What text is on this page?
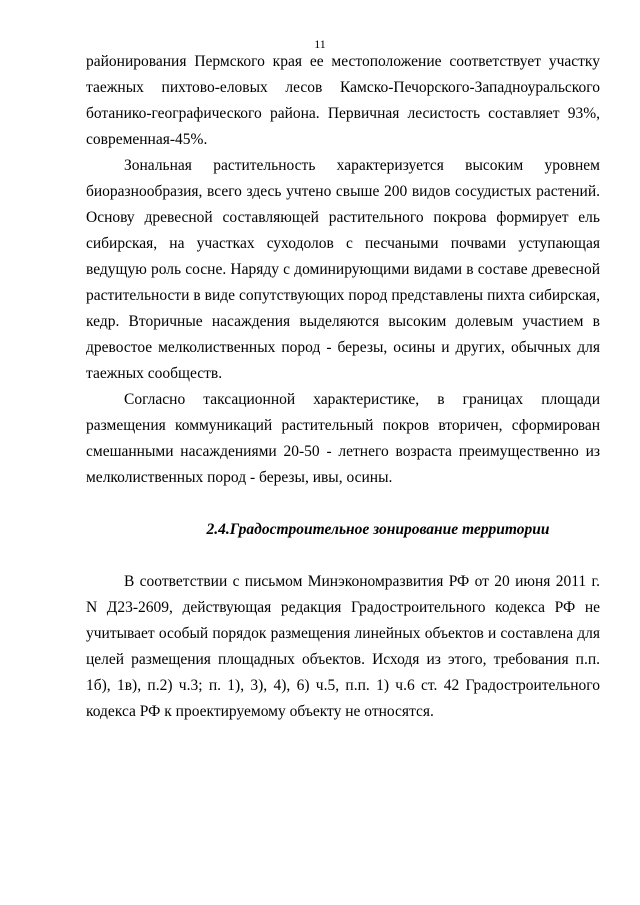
11

районирования Пермского края ее местоположение соответствует участку таежных пихтово-еловых лесов Камско-Печорского-Западноуральского ботанико-географического района. Первичная лесистость составляет 93%, современная-45%.

Зональная растительность характеризуется высоким уровнем биоразнообразия, всего здесь учтено свыше 200 видов сосудистых растений. Основу древесной составляющей растительного покрова формирует ель сибирская, на участках суходолов с песчаными почвами уступающая ведущую роль сосне. Наряду с доминирующими видами в составе древесной растительности в виде сопутствующих пород представлены пихта сибирская, кедр. Вторичные насаждения выделяются высоким долевым участием в древостое мелколиственных пород - березы, осины и других, обычных для таежных сообществ.

Согласно таксационной характеристике, в границах площади размещения коммуникаций растительный покров вторичен, сформирован смешанными насаждениями 20-50 - летнего возраста преимущественно из мелколиственных пород - березы, ивы, осины.

2.4.Градостроительное зонирование территории

В соответствии с письмом Минэкономразвития РФ от 20 июня 2011 г. N Д23-2609, действующая редакция Градостроительного кодекса РФ не учитывает особый порядок размещения линейных объектов и составлена для целей размещения площадных объектов. Исходя из этого, требования п.п. 1б), 1в), п.2) ч.3; п. 1), 3), 4), 6) ч.5, п.п. 1) ч.6 ст. 42 Градостроительного кодекса РФ к проектируемому объекту не относятся.
